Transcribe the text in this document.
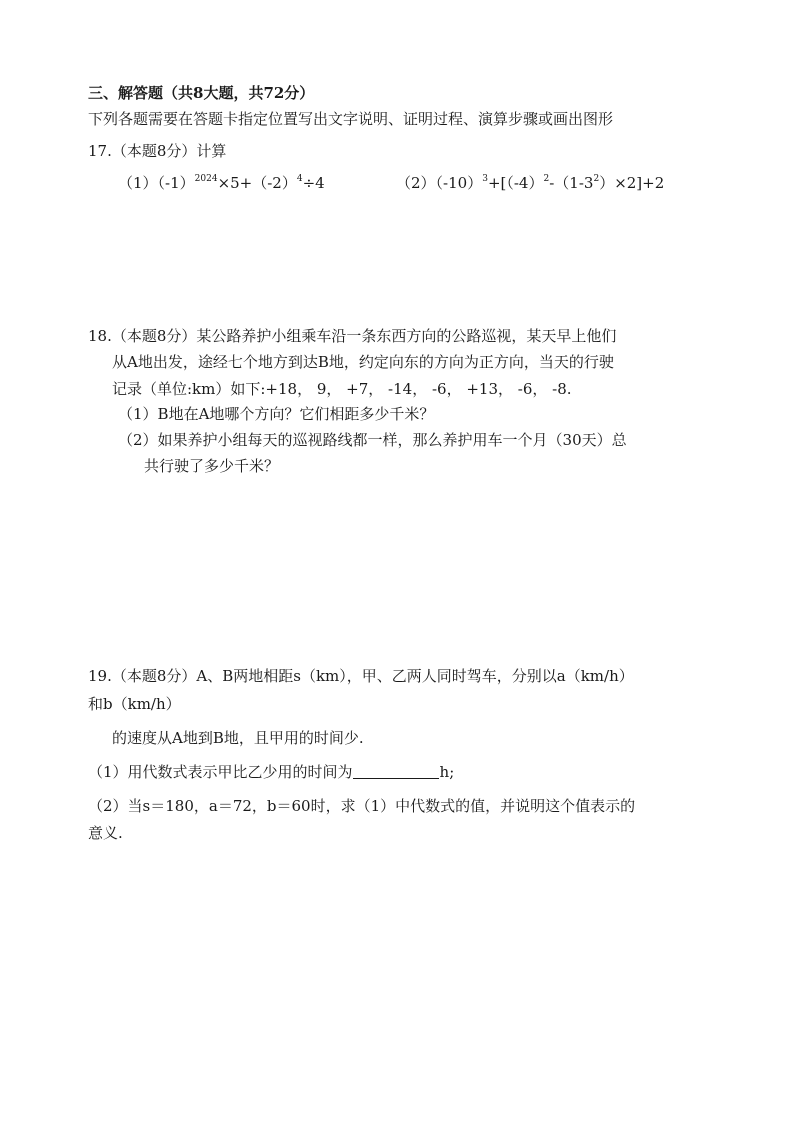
三、解答题（共8大题，共72分）
下列各题需要在答题卡指定位置写出文字说明、证明过程、演算步骤或画出图形
17.（本题8分）计算
$(1)(-1)^{2024}\times 5+(-2)^4\div 4$	$(2)(-10)^3+[(-4)^2-(1-3^2)\times 2]+2$
18.（本题8分）某公路养护小组乘车沿一条东西方向的公路巡视，某天早上他们
从A地出发，途经七个地方到达B地，约定向东的方向为正方向，当天的行驶
记录（单位:km）如下:+18， 9， +7， -14， -6， +13， -6， -8.
（1）B地在A地哪个方向？它们相距多少千米？
（2）如果养护小组每天的巡视路线都一样，那么养护用车一个月（30天）总
共行驶了多少千米？
19.（本题8分）A、B两地相距s（km），甲、乙两人同时驾车，分别以a（km/h）
和b（km/h）
的速度从A地到B地，且甲用的时间少.
（1）用代数式表示甲比乙少用的时间为	h;
（2）当s＝180，a＝72，b＝60时，求（1）中代数式的值，并说明这个值表示的
意义.
